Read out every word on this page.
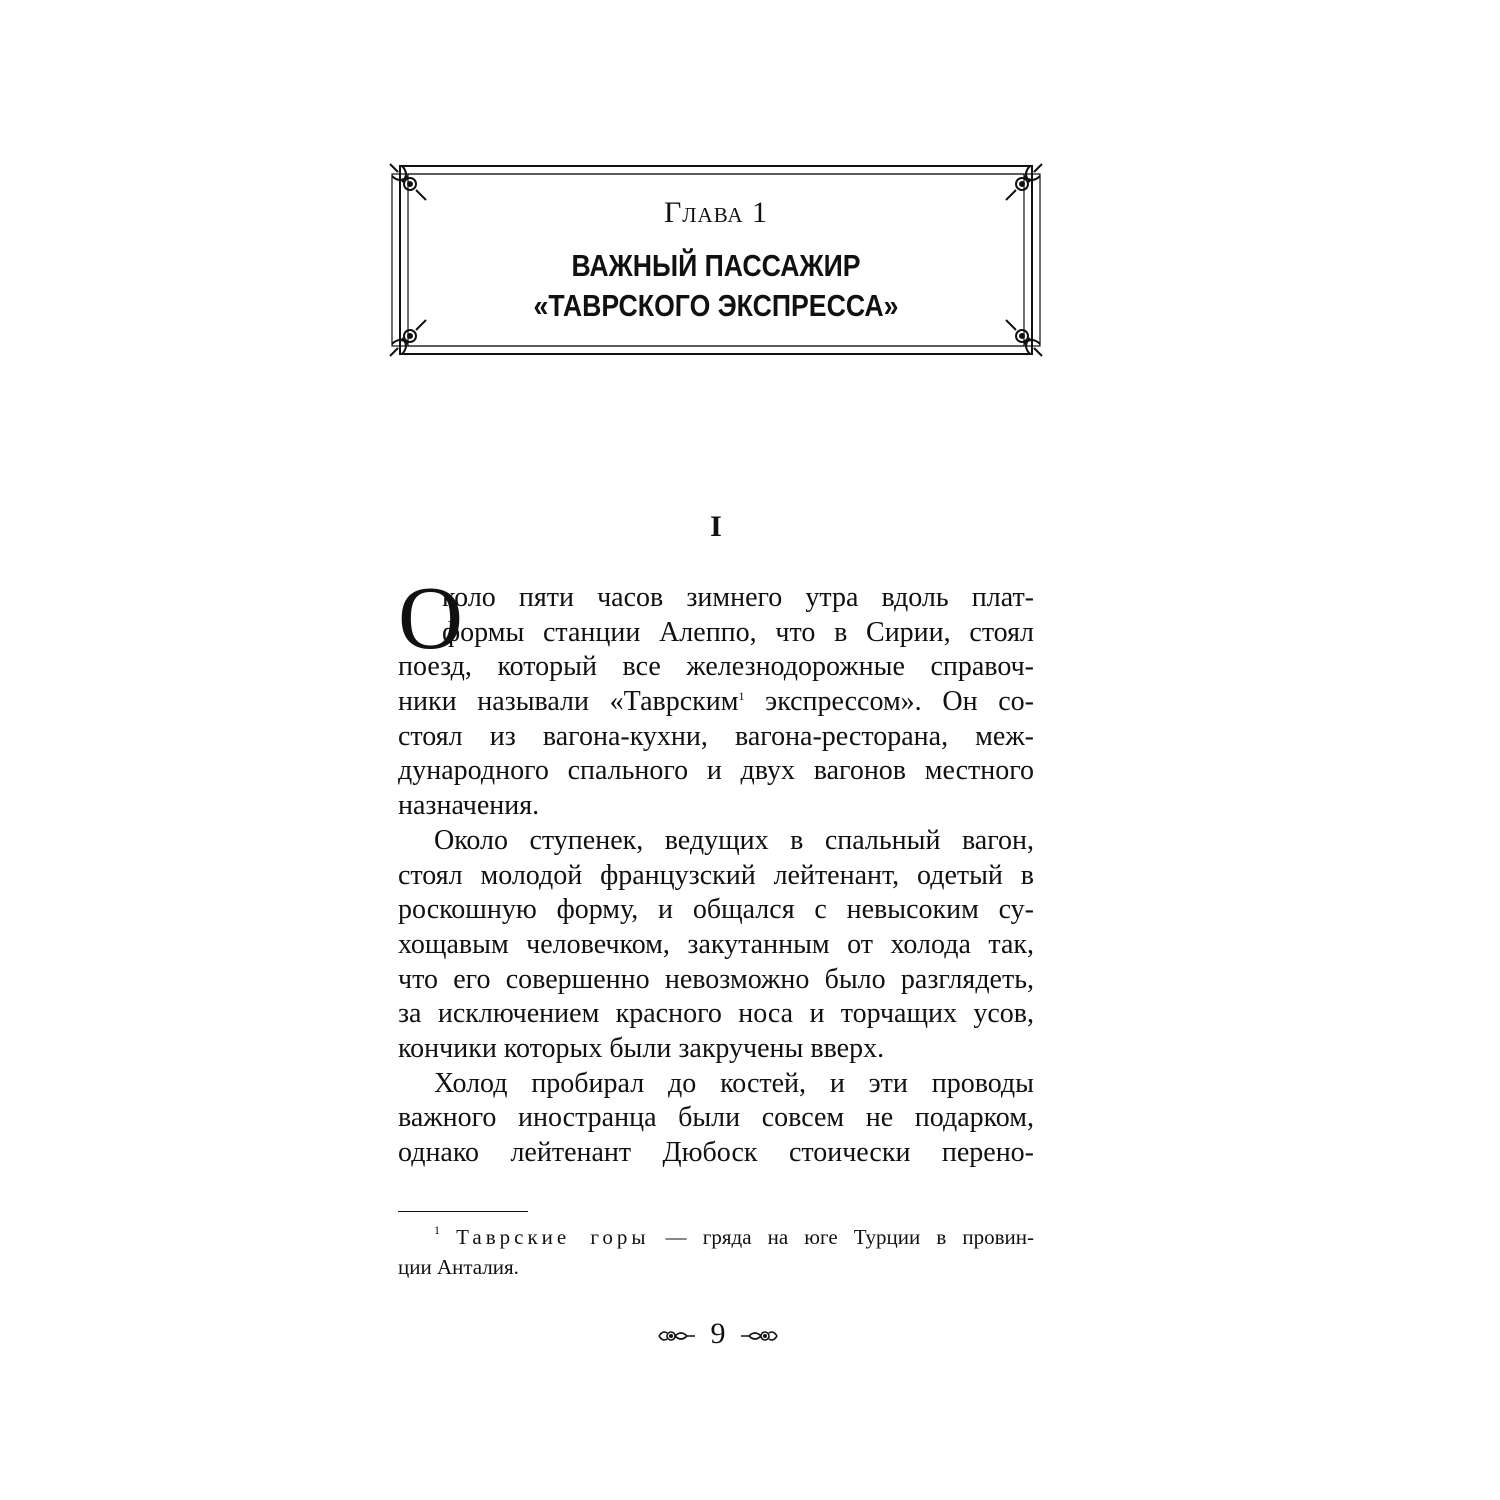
Глава 1
ВАЖНЫЙ ПАССАЖИР
«ТАВРСКОГО ЭКСПРЕССА»
I
О
коло пяти часов зимнего утра вдоль плат-
формы станции Алеппо, что в Сирии, стоял
поезд, который все железнодорожные справоч-
ники называли «Таврским$^1$ экспрессом». Он со-
стоял из вагона-кухни, вагона-ресторана, меж-
дународного спального и двух вагонов местного
назначения.
Около ступенек, ведущих в спальный вагон,
стоял молодой французский лейтенант, одетый в
роскошную форму, и общался с невысоким су-
хощавым человечком, закутанным от холода так,
что его совершенно невозможно было разглядеть,
за исключением красного носа и торчащих усов,
кончики которых были закручены вверх.
Холод пробирал до костей, и эти проводы
важного иностранца были совсем не подарком,
однако лейтенант Дюбоск стоически перено-
$^1$ Таврские горы — гряда на юге Турции в провин-
ции Анталия.
9
